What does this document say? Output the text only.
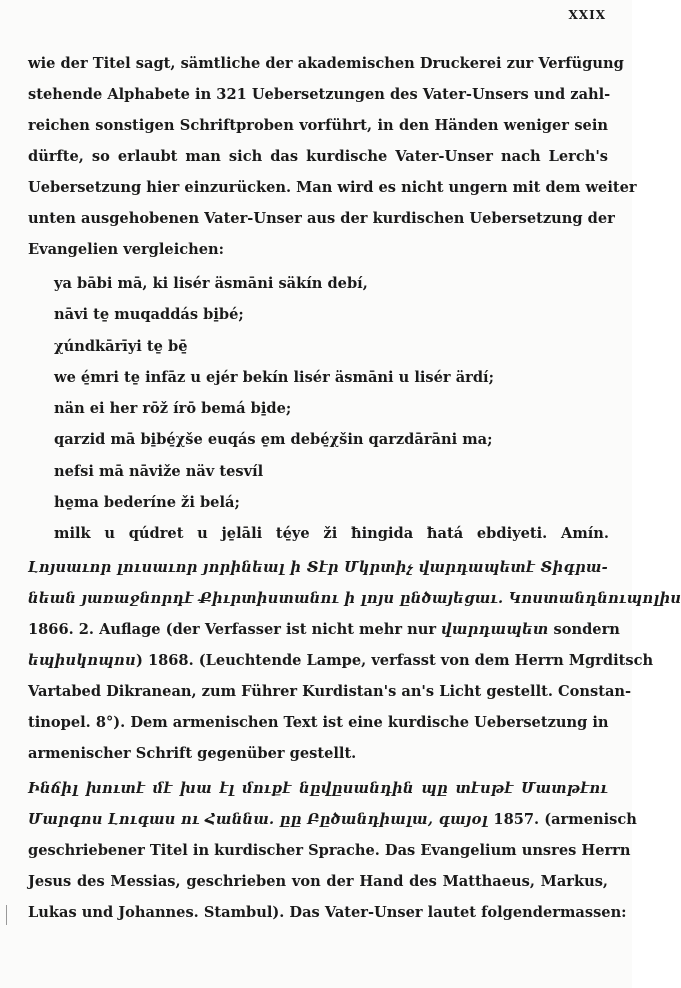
XXIX
wie der Titel sagt, sämtliche der akademischen Druckerei zur Verfügung
stehende Alphabete in 321 Uebersetzungen des Vater-Unsers und zahl-
reichen sonstigen Schriftproben vorführt, in den Händen weniger sein
dürfte, so erlaubt man sich das kurdische Vater-Unser nach Lerch's
Uebersetzung hier einzurücken. Man wird es nicht ungern mit dem weiter
unten ausgehobenen Vater-Unser aus der kurdischen Uebersetzung der
Evangelien vergleichen:
ya bābi mā, ki lisér äsmāni säkín debí,
nāvi te̱ muqaddás bi̱bé;
χúndkārīyi te̱ bē̱
we é̱mri te̱ infāz u ejér bekín lisér äsmāni u lisér ärdí;
nän ei her rōž írō bemá bi̱de;
qarzid mā bi̱bé̱χše euqás e̱m debé̱χšin qarzdārāni ma;
nefsi mā nāvižе näv tesvíl
he̱ma bederíne ži belá;
milk u qúdret u je̱lāli té̱ye ži ħingida ħatá ebdiyeti. Amín.
Լոյսաւոր լուսաւոր յորինեալ ի Տէր Մկրտիչ վարդապետէ Տիգրա-
նեան յառաջնորդէ Քիւրտիստանու ի լոյս ընծայեցաւ. Կոստանդնուպոլիս
1866. 2. Auflage (der Verfasser ist nicht mehr nur վարդապետ sondern
եպիսկոպոս) 1868. (Leuchtende Lampe, verfasst von dem Herrn Mgrditsch
Vartabed Dikranean, zum Führer Kurdistan's an's Licht gestellt. Constan-
tinopel. 8°). Dem armenischen Text ist eine kurdische Uebersetzung in
armenischer Schrift gegenüber gestellt.
Ինճիլ խուտէ մէ խա էլ մուքէ նըվըսանդին պը տէսթէ Մատթէու
Մարգոս Լուգաս ու Հաննա. ըը Բըծանդիալա, գայօլ 1857. (armenisch
geschriebener Titel in kurdischer Sprache. Das Evangelium unsres Herrn
Jesus des Messias, geschrieben von der Hand des Matthaeus, Markus,
Lukas und Johannes. Stambul). Das Vater-Unser lautet folgendermassen:
